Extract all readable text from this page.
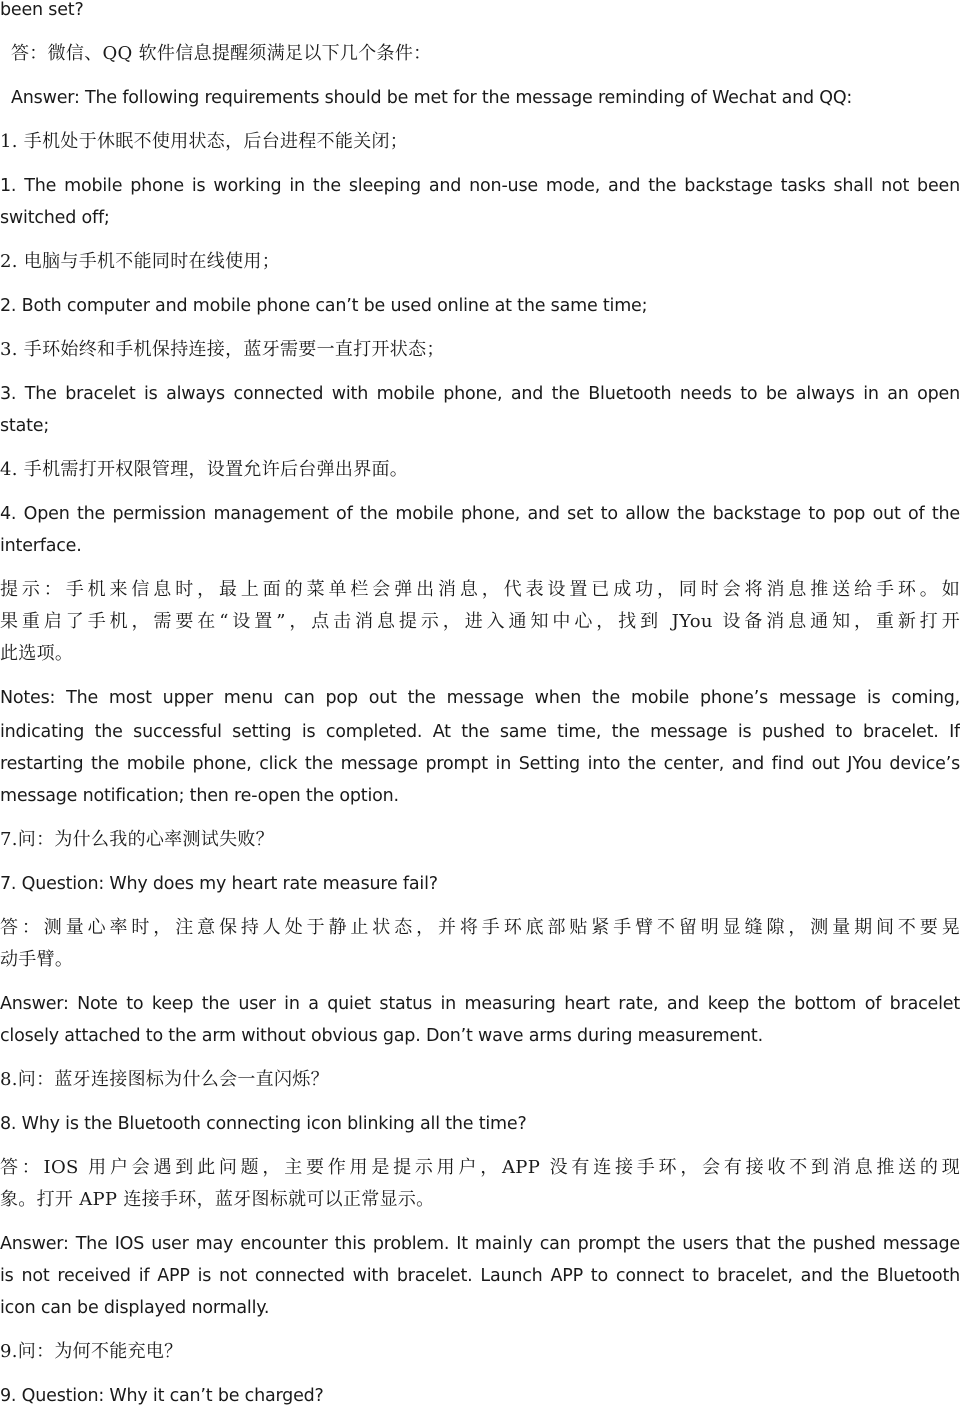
been set?

答：微信、QQ 软件信息提醒须满足以下几个条件：

Answer: The following requirements should be met for the message reminding of Wechat and QQ:

1. 手机处于休眠不使用状态，后台进程不能关闭；

1. The mobile phone is working in the sleeping and non-use mode, and the backstage tasks shall not been

switched off;

2. 电脑与手机不能同时在线使用；

2. Both computer and mobile phone can’t be used online at the same time;

3. 手环始终和手机保持连接，蓝牙需要一直打开状态；

3. The bracelet is always connected with mobile phone, and the Bluetooth needs to be always in an open

state;

4. 手机需打开权限管理，设置允许后台弹出界面。

4. Open the permission management of the mobile phone, and set to allow the backstage to pop out of the

interface.

提示：手机来信息时，最上面的菜单栏会弹出消息，代表设置已成功，同时会将消息推送给手环。如

果重启了手机，需要在“设置”，点击消息提示，进入通知中心，找到 JYou 设备消息通知，重新打开

此选项。

Notes: The most upper menu can pop out the message when the mobile phone’s message is coming,

indicating the successful setting is completed. At the same time, the message is pushed to bracelet. If

restarting the mobile phone, click the message prompt in Setting into the center, and find out JYou device’s

message notification; then re-open the option.

7.问：为什么我的心率测试失败？

7. Question: Why does my heart rate measure fail?

答：测量心率时，注意保持人处于静止状态，并将手环底部贴紧手臂不留明显缝隙，测量期间不要晃

动手臂。

Answer: Note to keep the user in a quiet status in measuring heart rate, and keep the bottom of bracelet

closely attached to the arm without obvious gap. Don’t wave arms during measurement.

8.问：蓝牙连接图标为什么会一直闪烁？

8. Why is the Bluetooth connecting icon blinking all the time?

答：IOS 用户会遇到此问题，主要作用是提示用户，APP 没有连接手环，会有接收不到消息推送的现

象。打开 APP 连接手环，蓝牙图标就可以正常显示。

Answer: The IOS user may encounter this problem. It mainly can prompt the users that the pushed message

is not received if APP is not connected with bracelet. Launch APP to connect to bracelet, and the Bluetooth

icon can be displayed normally.

9.问：为何不能充电？

9. Question: Why it can’t be charged?
